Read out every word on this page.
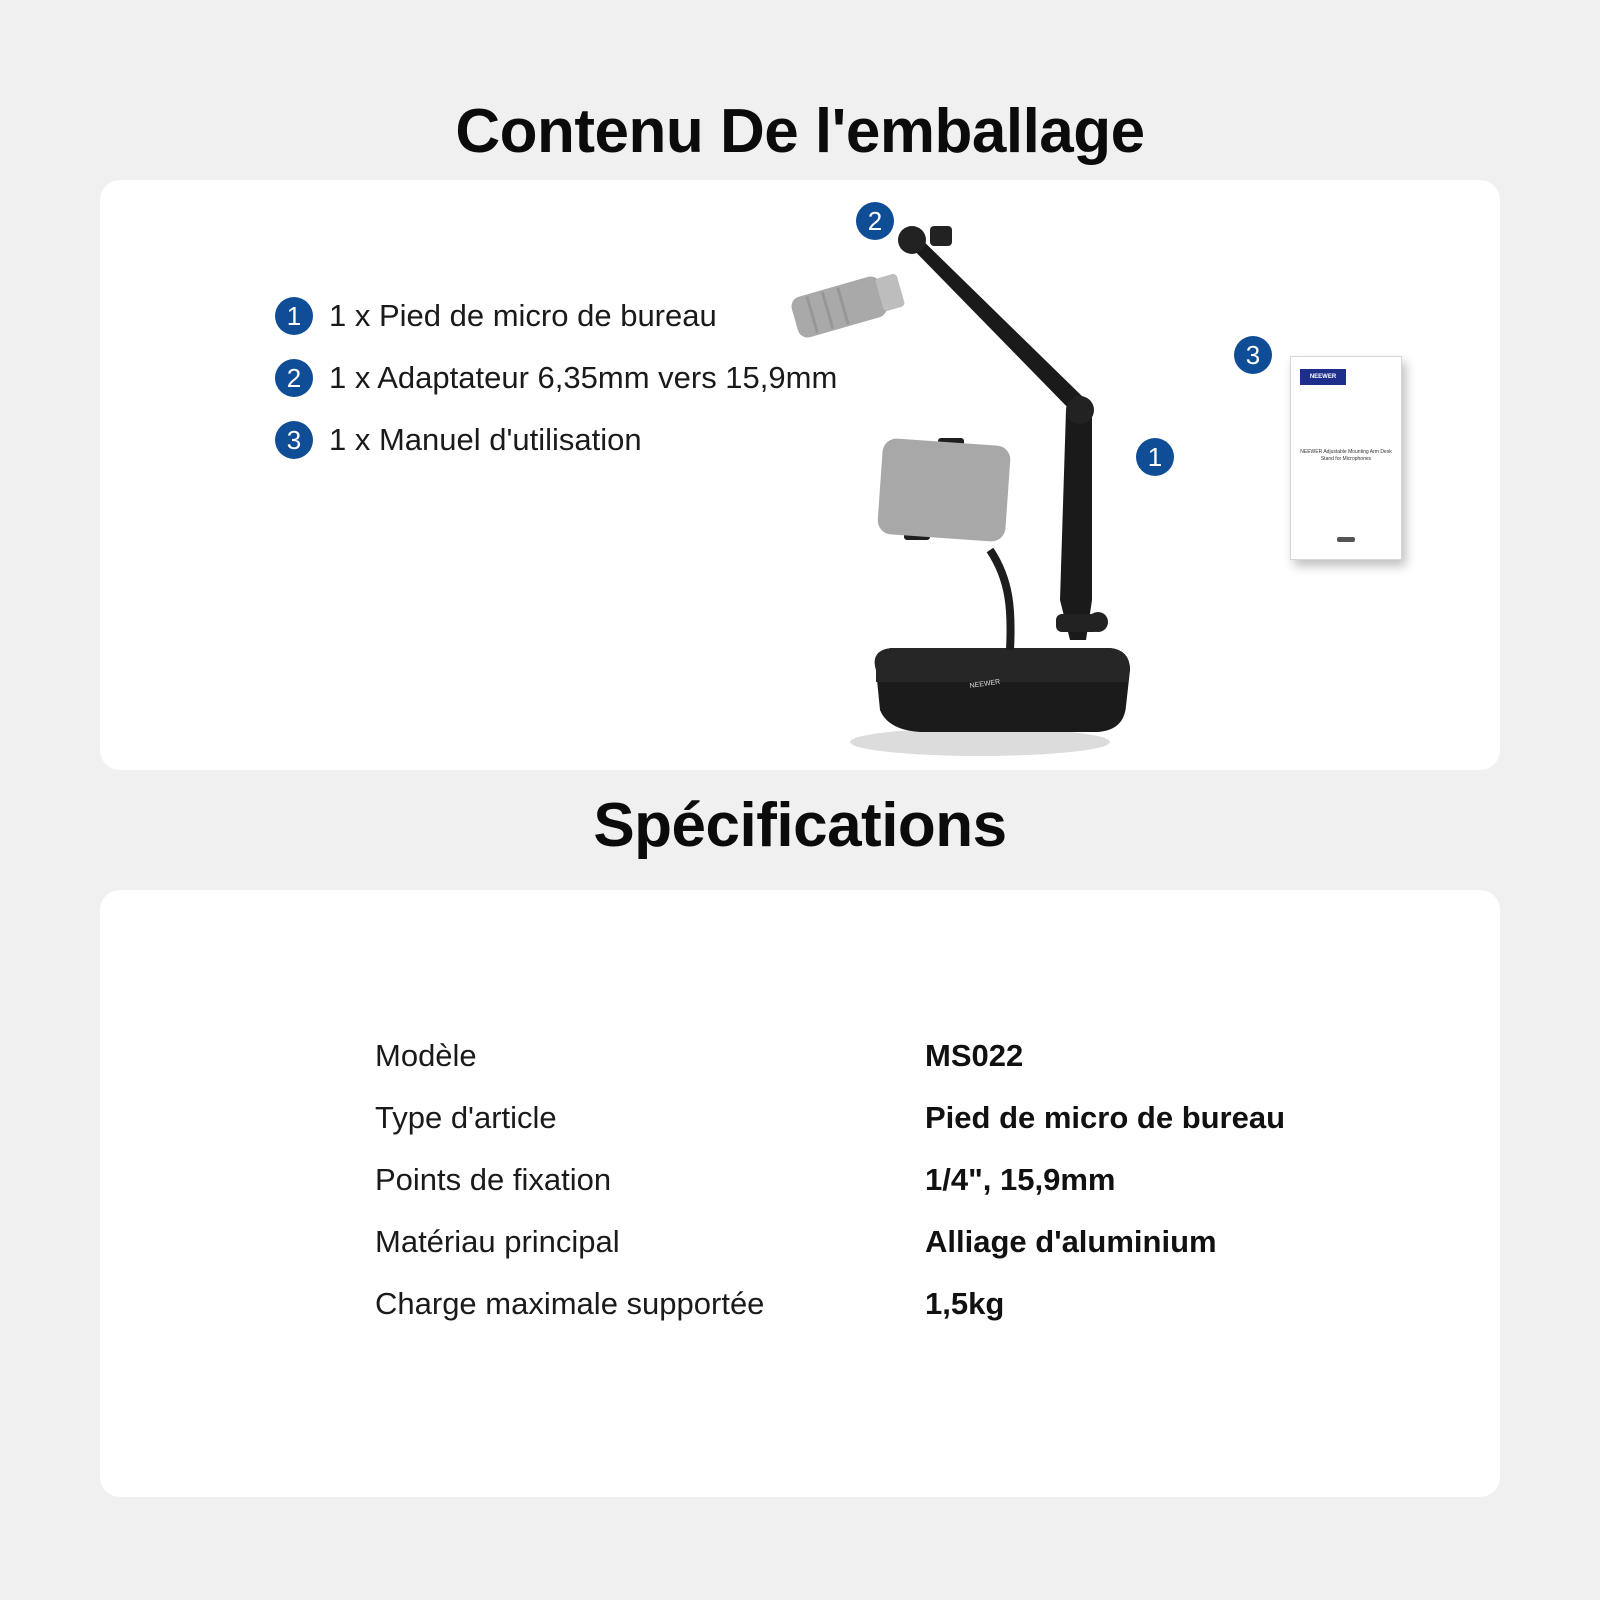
Contenu De l'emballage
1 1 x Pied de micro de bureau
2 1 x Adaptateur 6,35mm vers 15,9mm
3 1 x Manuel d'utilisation
NEEWER
NEEWER
NEEWER Adjustable Mounting Arm Desk Stand for Microphones
2
1
3
Spécifications
Modèle	MS022
Type d'article	Pied de micro de bureau
Points de fixation	1/4", 15,9mm
Matériau principal	Alliage d'aluminium
Charge maximale supportée	1,5kg
